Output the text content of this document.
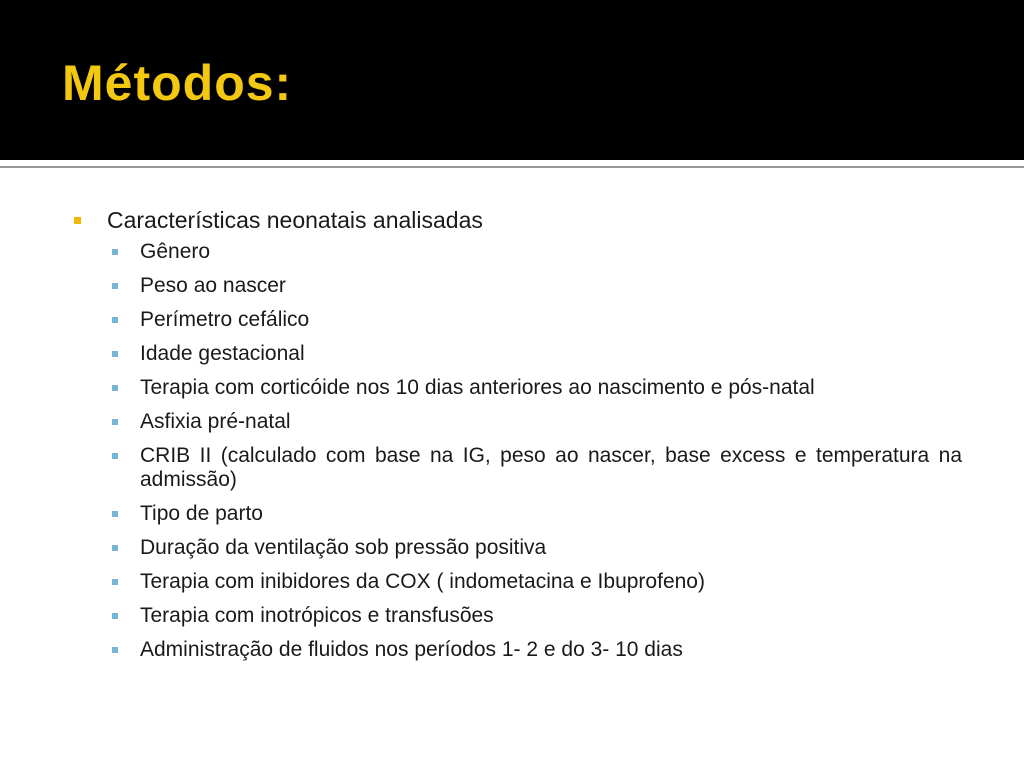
Métodos:
Características neonatais analisadas
Gênero
Peso ao nascer
Perímetro cefálico
Idade gestacional
Terapia com corticóide nos 10 dias anteriores ao nascimento e pós-natal
Asfixia pré-natal
CRIB II (calculado com base na IG, peso ao nascer, base excess e temperatura na admissão)
Tipo de parto
Duração da ventilação sob pressão positiva
Terapia com inibidores da COX ( indometacina e Ibuprofeno)
Terapia com inotrópicos e transfusões
Administração de fluidos nos períodos 1- 2 e do 3- 10 dias
